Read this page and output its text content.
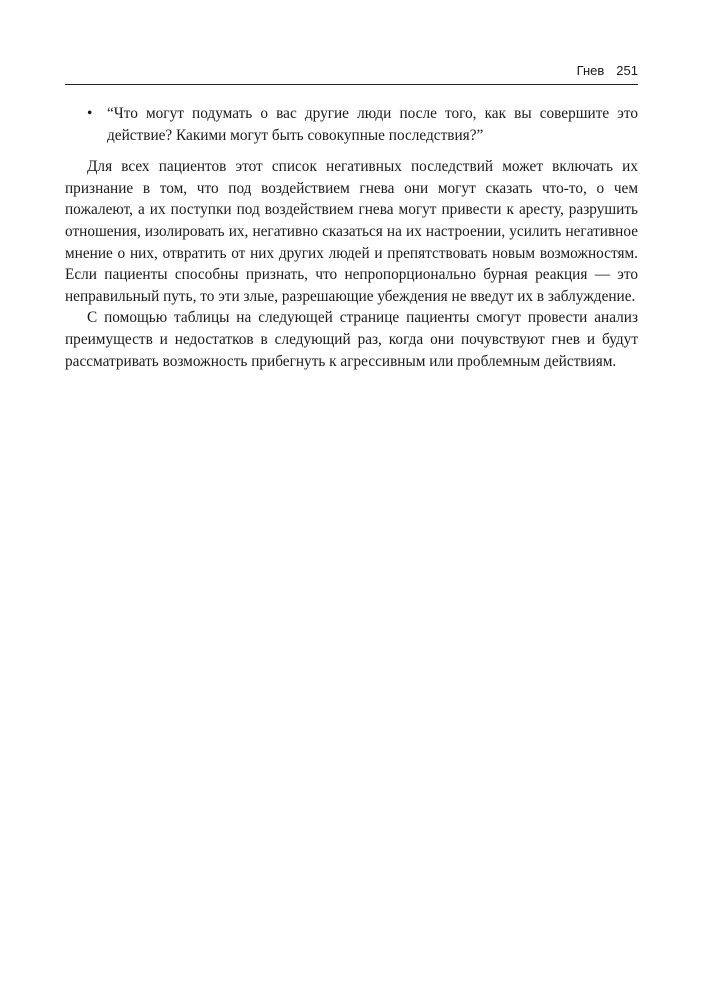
Гнев 251
• “Что могут подумать о вас другие люди после того, как вы совершите это действие? Какими могут быть совокупные последствия?”

Для всех пациентов этот список негативных последствий может включать их признание в том, что под воздействием гнева они могут сказать что-то, о чем пожалеют, а их поступки под воздействием гнева могут привести к аресту, разрушить отношения, изолировать их, негативно сказаться на их настроении, усилить негативное мнение о них, отвратить от них других людей и препятствовать новым возможностям. Если пациенты способны признать, что непропорционально бурная реакция — это неправильный путь, то эти злые, разрешающие убеждения не введут их в заблуждение.

С помощью таблицы на следующей странице пациенты смогут провести анализ преимуществ и недостатков в следующий раз, когда они почувствуют гнев и будут рассматривать возможность прибегнуть к агрессивным или проблемным действиям.
